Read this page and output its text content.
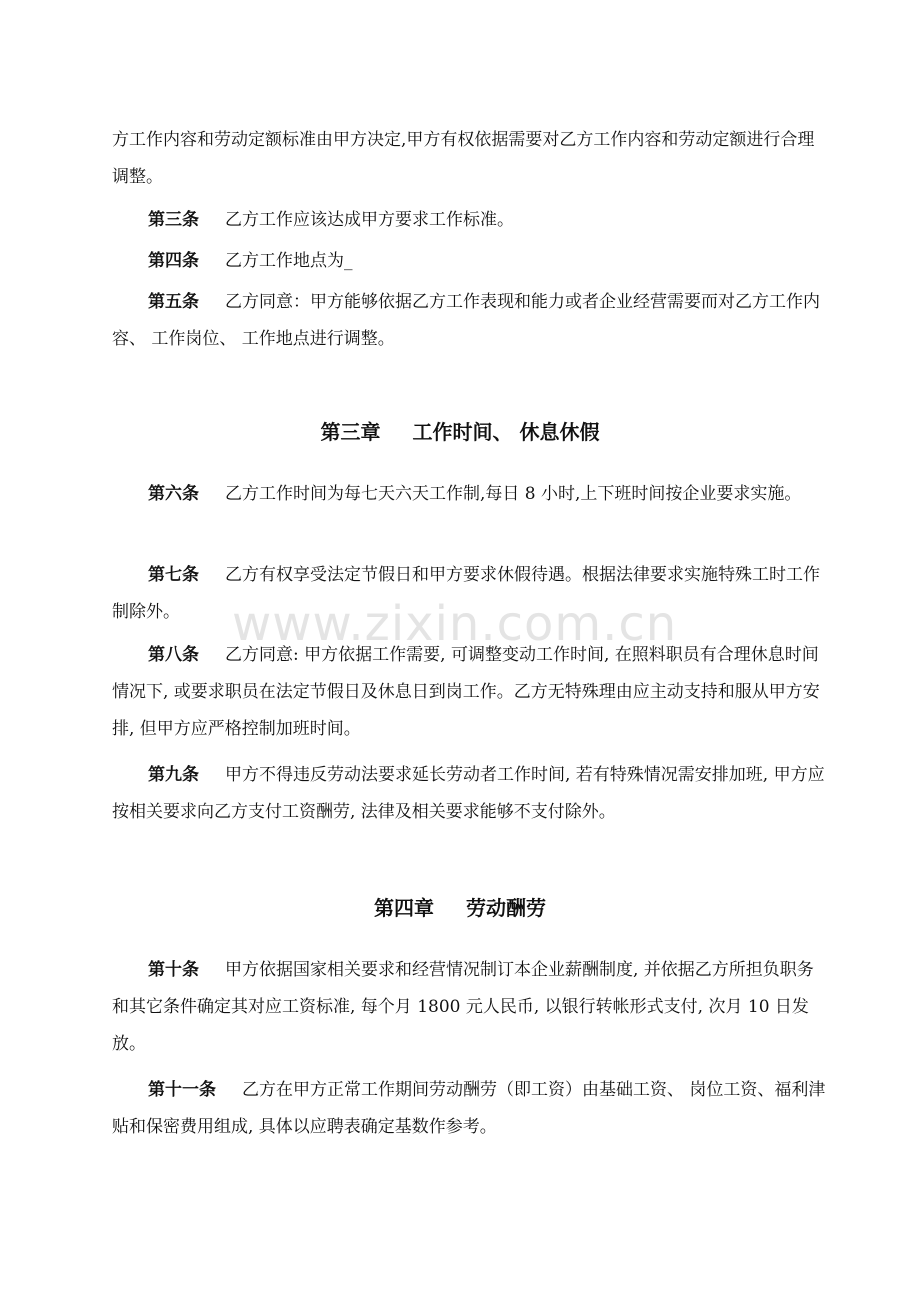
www.zixin.com.cn

方工作内容和劳动定额标准由甲方决定,甲方有权依据需要对乙方工作内容和劳动定额进行合理调整。

第三条 乙方工作应该达成甲方要求工作标准。

第四条 乙方工作地点为_

第五条 乙方同意：甲方能够依据乙方工作表现和能力或者企业经营需要而对乙方工作内容、 工作岗位、 工作地点进行调整。

第三章 工作时间、 休息休假

第六条 乙方工作时间为每七天六天工作制,每日 8 小时,上下班时间按企业要求实施。

第七条 乙方有权享受法定节假日和甲方要求休假待遇。根据法律要求实施特殊工时工作制除外。

第八条 乙方同意: 甲方依据工作需要, 可调整变动工作时间, 在照料职员有合理休息时间情况下, 或要求职员在法定节假日及休息日到岗工作。乙方无特殊理由应主动支持和服从甲方安排, 但甲方应严格控制加班时间。

第九条 甲方不得违反劳动法要求延长劳动者工作时间, 若有特殊情况需安排加班, 甲方应按相关要求向乙方支付工资酬劳, 法律及相关要求能够不支付除外。

第四章 劳动酬劳

第十条 甲方依据国家相关要求和经营情况制订本企业薪酬制度, 并依据乙方所担负职务和其它条件确定其对应工资标准, 每个月 1800 元人民币, 以银行转帐形式支付, 次月 10 日发放。

第十一条 乙方在甲方正常工作期间劳动酬劳（即工资）由基础工资、 岗位工资、福利津贴和保密费用组成, 具体以应聘表确定基数作参考。
